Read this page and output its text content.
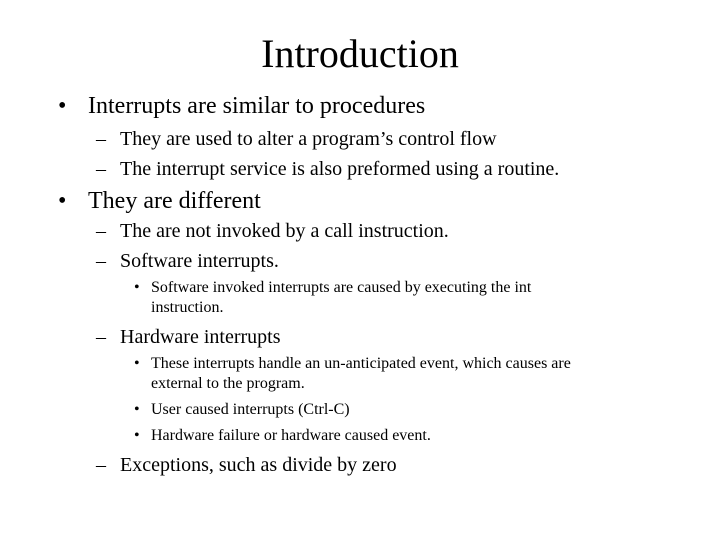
Introduction
• Interrupts are similar to procedures
– They are used to alter a program’s control flow
– The interrupt service is also preformed using a routine.
• They are different
– The are not invoked by a call instruction.
– Software interrupts.
• Software invoked interrupts are caused by executing the int
instruction.
– Hardware interrupts
• These interrupts handle an un-anticipated event, which causes are
external to the program.
• User caused interrupts (Ctrl-C)
• Hardware failure or hardware caused event.
– Exceptions, such as divide by zero
